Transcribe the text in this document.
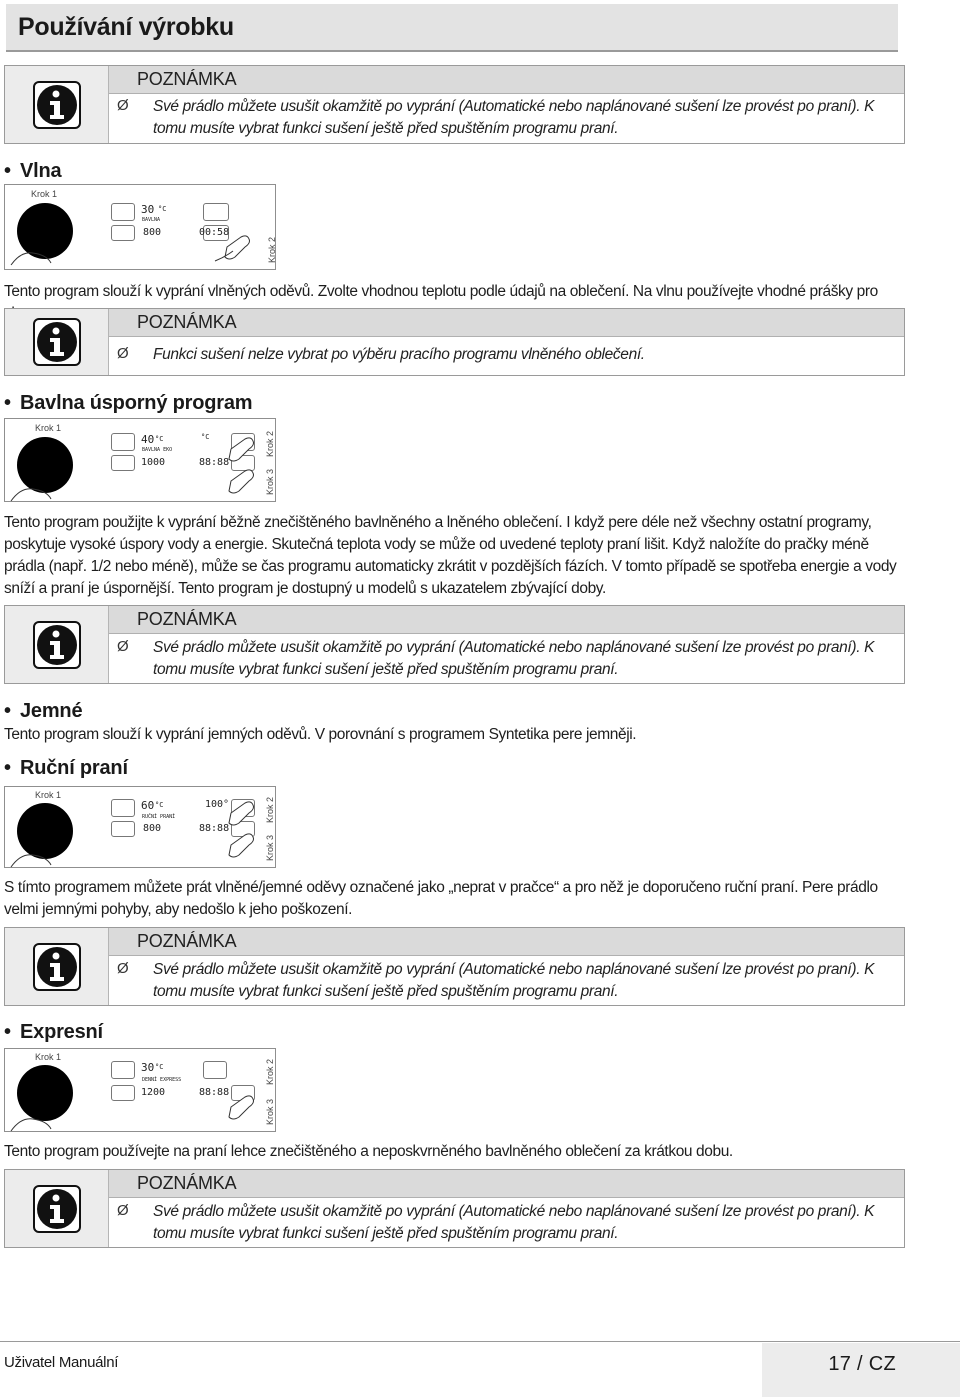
Používání výrobku
POZNÁMKA
Ø Své prádlo můžete usušit okamžitě po vyprání (Automatické nebo naplánované sušení lze provést po praní). K tomu musíte vybrat funkci sušení ještě před spuštěním programu praní.
• Vlna
Krok 1
30 °C
BAVLNA
800	00:58
Krok 2
Tento program slouží k vyprání vlněných oděvů. Zvolte vhodnou teplotu podle údajů na oblečení. Na vlnu používejte vhodné prášky pro
POZNÁMKA
Ø Funkci sušení nelze vybrat po výběru pracího programu vlněného oblečení.
• Bavlna úsporný program
Krok 1
40 °C	°C
BAVLNA EKO
1000	88:88
Krok 2
Krok 3
Tento program použijte k vyprání běžně znečištěného bavlněného a lněného oblečení. I když pere déle než všechny ostatní programy, poskytuje vysoké úspory vody a energie. Skutečná teplota vody se může od uvedené teploty praní lišit. Když naložíte do pračky méně prádla (např. 1/2 nebo méně), může se čas programu automaticky zkrátit v pozdějších fázích. V tomto případě se spotřeba energie a vody sníží a praní je úspornější. Tento program je dostupný u modelů s ukazatelem zbývající doby.
POZNÁMKA
Ø Své prádlo můžete usušit okamžitě po vyprání (Automatické nebo naplánované sušení lze provést po praní). K tomu musíte vybrat funkci sušení ještě před spuštěním programu praní.
• Jemné
Tento program slouží k vyprání jemných oděvů. V porovnání s programem Syntetika pere jemněji.
• Ruční praní
Krok 1
60 °C	100°
RUČNÍ PRANÍ
800	88:88
Krok 2
Krok 3
S tímto programem můžete prát vlněné/jemné oděvy označené jako „neprat v pračce“ a pro něž je doporučeno ruční praní. Pere prádlo velmi jemnými pohyby, aby nedošlo k jeho poškození.
POZNÁMKA
Ø Své prádlo můžete usušit okamžitě po vyprání (Automatické nebo naplánované sušení lze provést po praní). K tomu musíte vybrat funkci sušení ještě před spuštěním programu praní.
• Expresní
Krok 1
30 °C
DENNÍ EXPRESS
1200	88:88
Krok 2
Krok 3
Tento program používejte na praní lehce znečištěného a neposkvrněného bavlněného oblečení za krátkou dobu.
POZNÁMKA
Ø Své prádlo můžete usušit okamžitě po vyprání (Automatické nebo naplánované sušení lze provést po praní). K tomu musíte vybrat funkci sušení ještě před spuštěním programu praní.
Uživatel Manuální	17 / CZ
